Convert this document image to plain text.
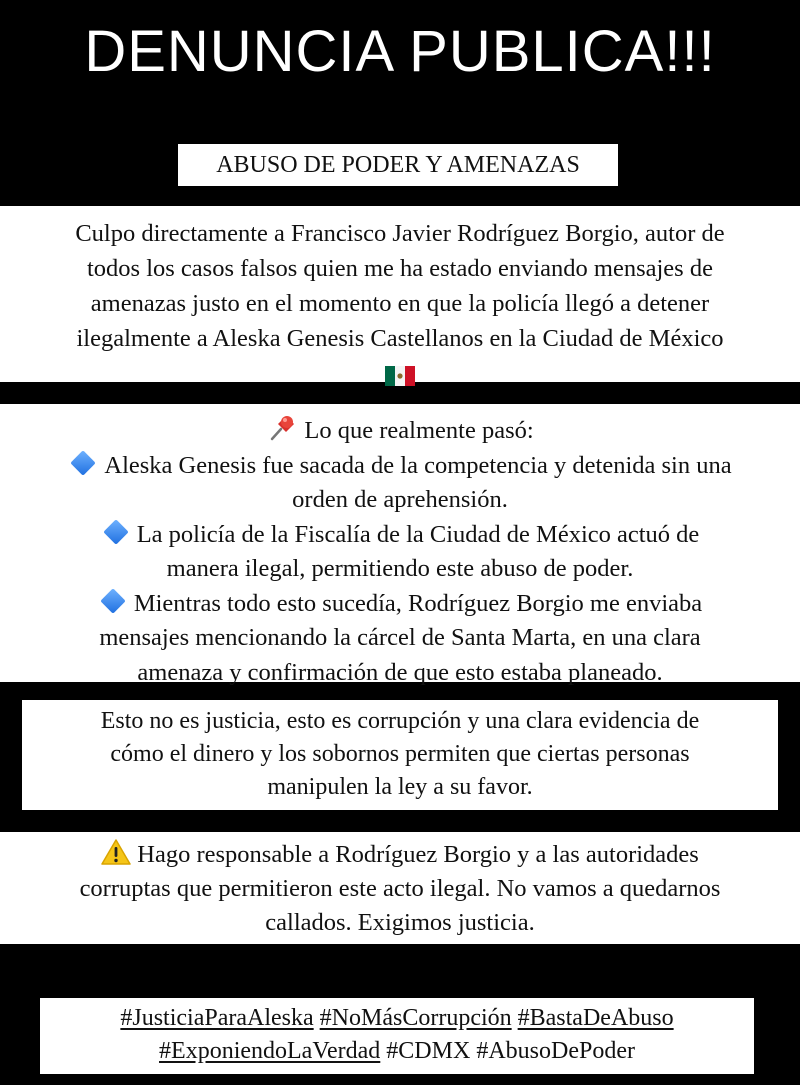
DENUNCIA PUBLICA!!!
ABUSO DE PODER Y AMENAZAS
Culpo directamente a Francisco Javier Rodríguez Borgio, autor de
todos los casos falsos quien me ha estado enviando mensajes de
amenazas justo en el momento en que la policía llegó a detener
ilegalmente a Aleska Genesis Castellanos en la Ciudad de México
Lo que realmente pasó:
Aleska Genesis fue sacada de la competencia y detenida sin una
orden de aprehensión.
La policía de la Fiscalía de la Ciudad de México actuó de
manera ilegal, permitiendo este abuso de poder.
Mientras todo esto sucedía, Rodríguez Borgio me enviaba
mensajes mencionando la cárcel de Santa Marta, en una clara
amenaza y confirmación de que esto estaba planeado.
Esto no es justicia, esto es corrupción y una clara evidencia de
cómo el dinero y los sobornos permiten que ciertas personas
manipulen la ley a su favor.
Hago responsable a Rodríguez Borgio y a las autoridades
corruptas que permitieron este acto ilegal. No vamos a quedarnos
callados. Exigimos justicia.
#JusticiaParaAleska #NoMásCorrupción #BastaDeAbuso
#ExponiendoLaVerdad #CDMX #AbusoDePoder
